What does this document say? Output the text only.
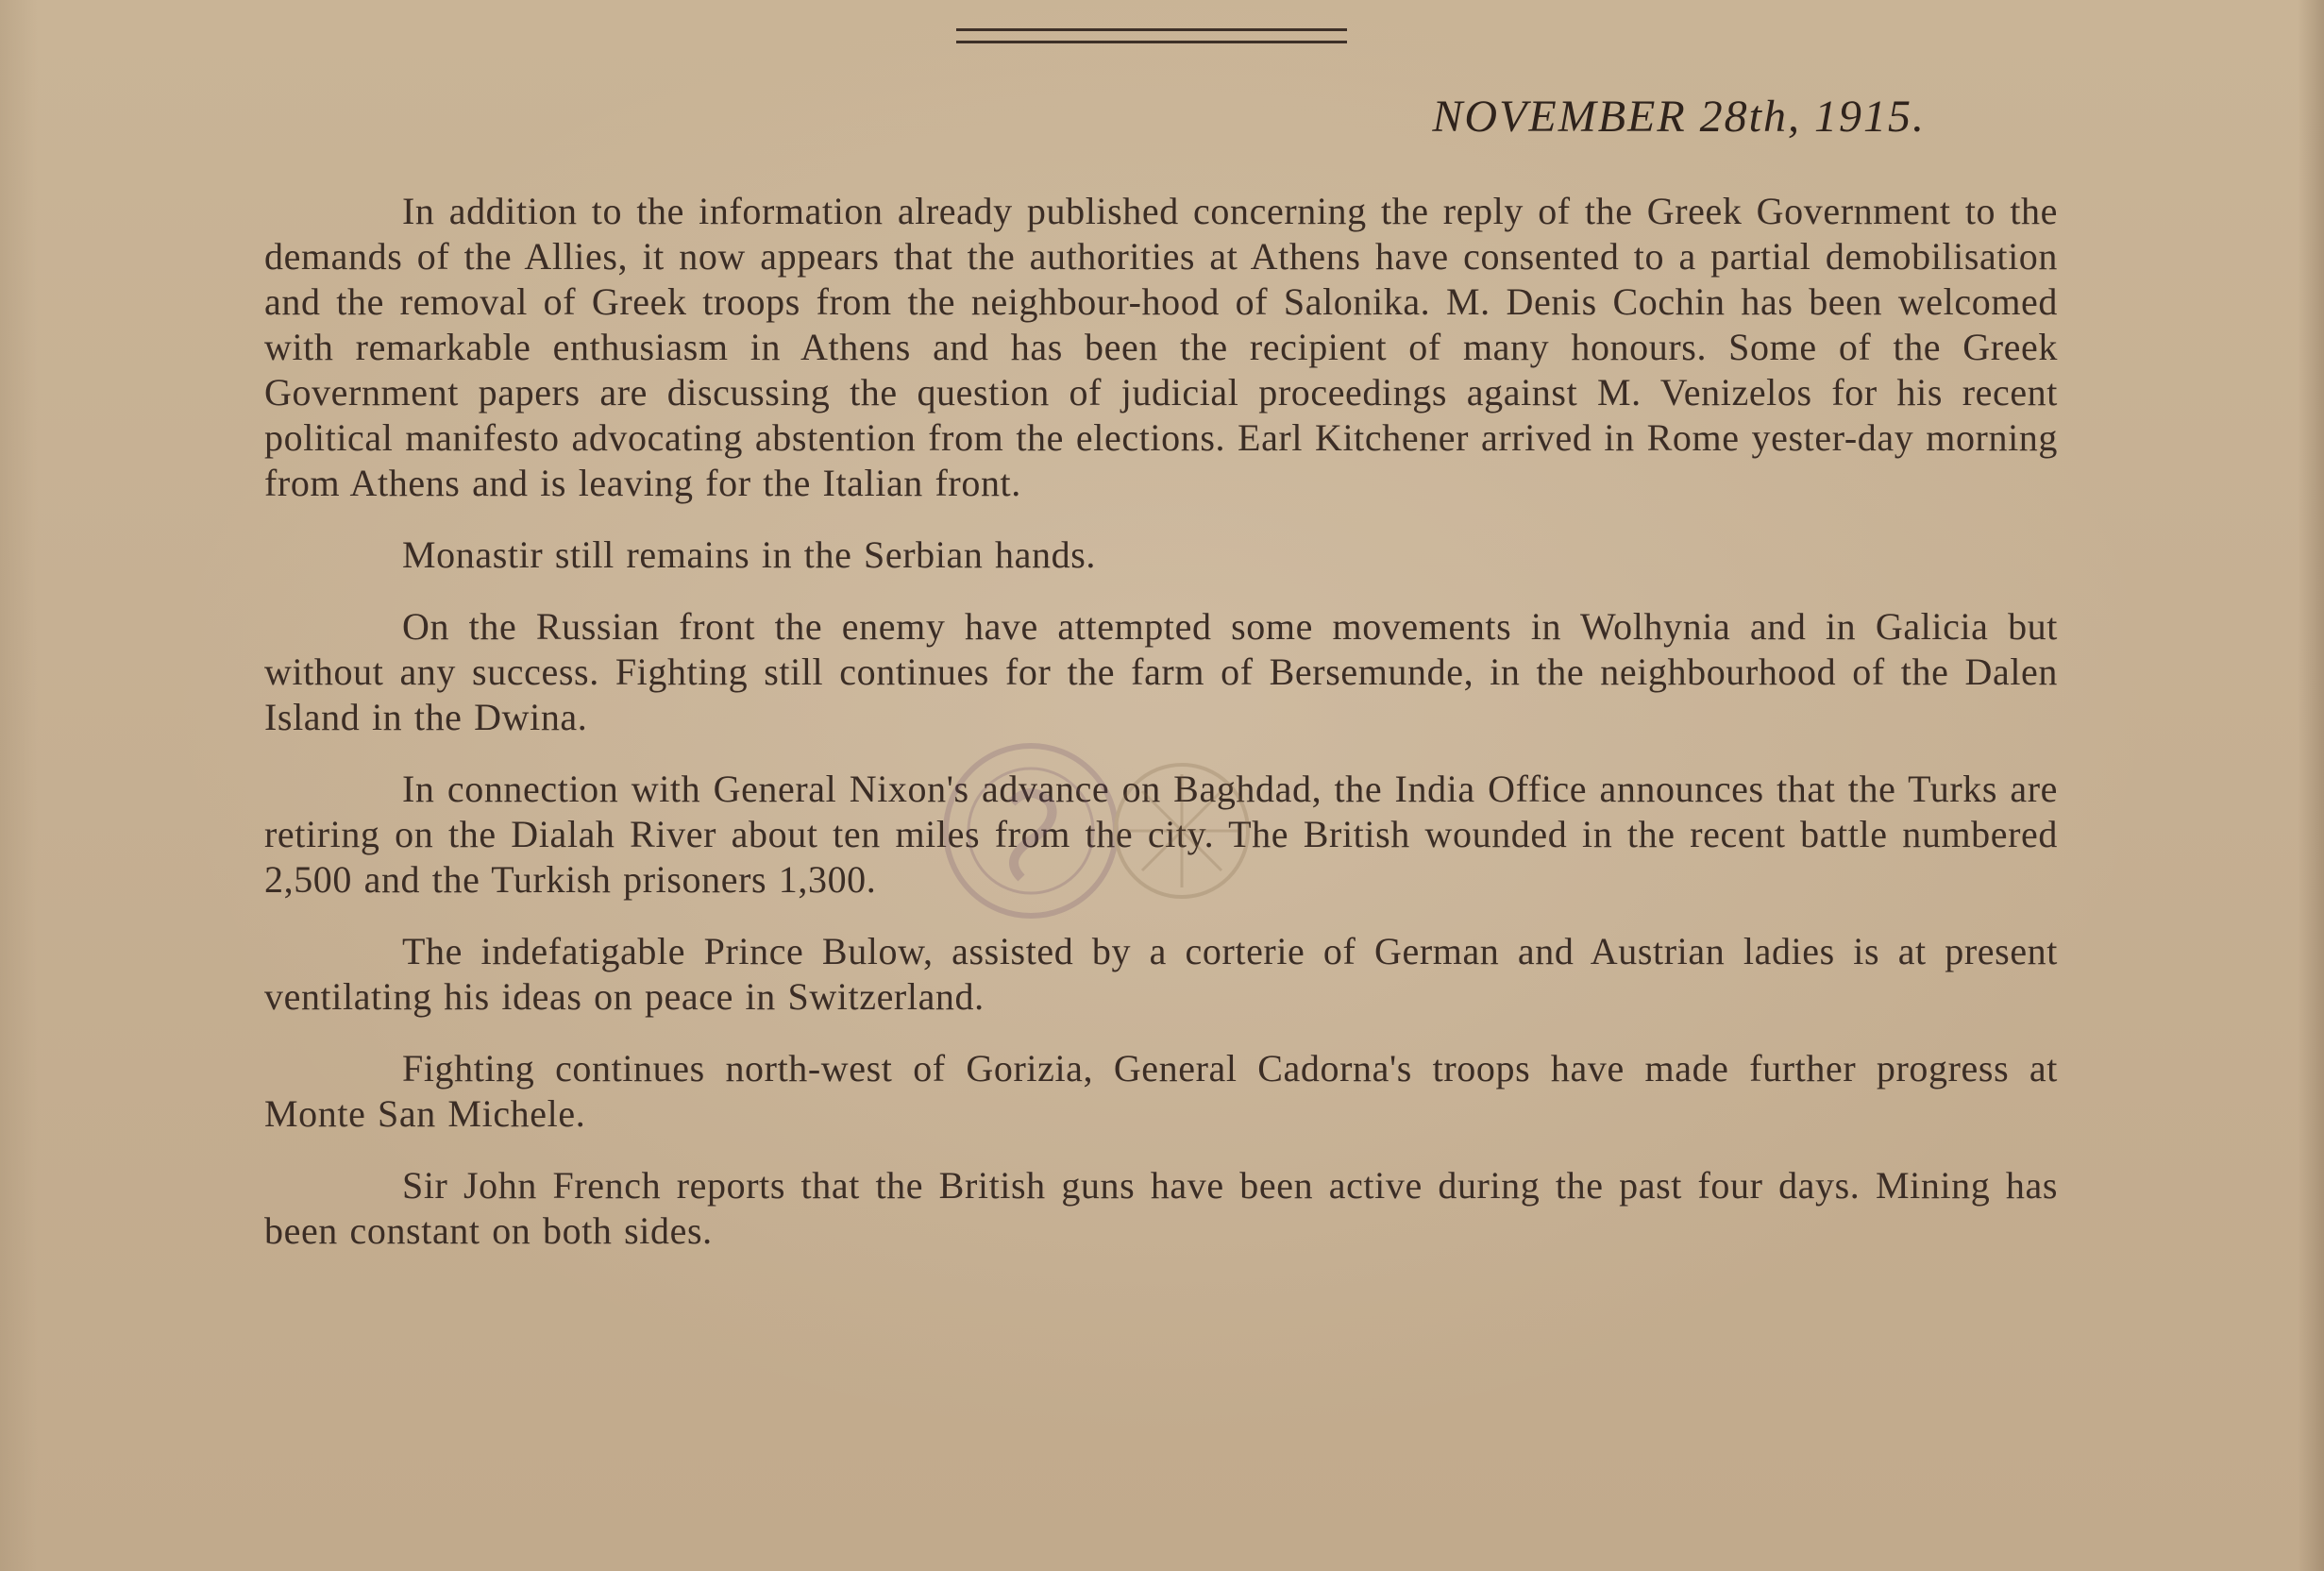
NOVEMBER 28th, 1915.

In addition to the information already published concerning the reply of the Greek Government to the demands of the Allies, it now appears that the authorities at Athens have consented to a partial demobilisation and the removal of Greek troops from the neighbour-hood of Salonika. M. Denis Cochin has been welcomed with remarkable enthusiasm in Athens and has been the recipient of many honours. Some of the Greek Government papers are discussing the question of judicial proceedings against M. Venizelos for his recent political manifesto advocating abstention from the elections. Earl Kitchener arrived in Rome yester-day morning from Athens and is leaving for the Italian front.

Monastir still remains in the Serbian hands.

On the Russian front the enemy have attempted some movements in Wolhynia and in Galicia but without any success. Fighting still continues for the farm of Bersemunde, in the neighbourhood of the Dalen Island in the Dwina.

In connection with General Nixon's advance on Baghdad, the India Office announces that the Turks are retiring on the Dialah River about ten miles from the city. The British wounded in the recent battle numbered 2,500 and the Turkish prisoners 1,300.

The indefatigable Prince Bulow, assisted by a corterie of German and Austrian ladies is at present ventilating his ideas on peace in Switzerland.

Fighting continues north-west of Gorizia, General Cadorna's troops have made further progress at Monte San Michele.

Sir John French reports that the British guns have been active during the past four days. Mining has been constant on both sides.
